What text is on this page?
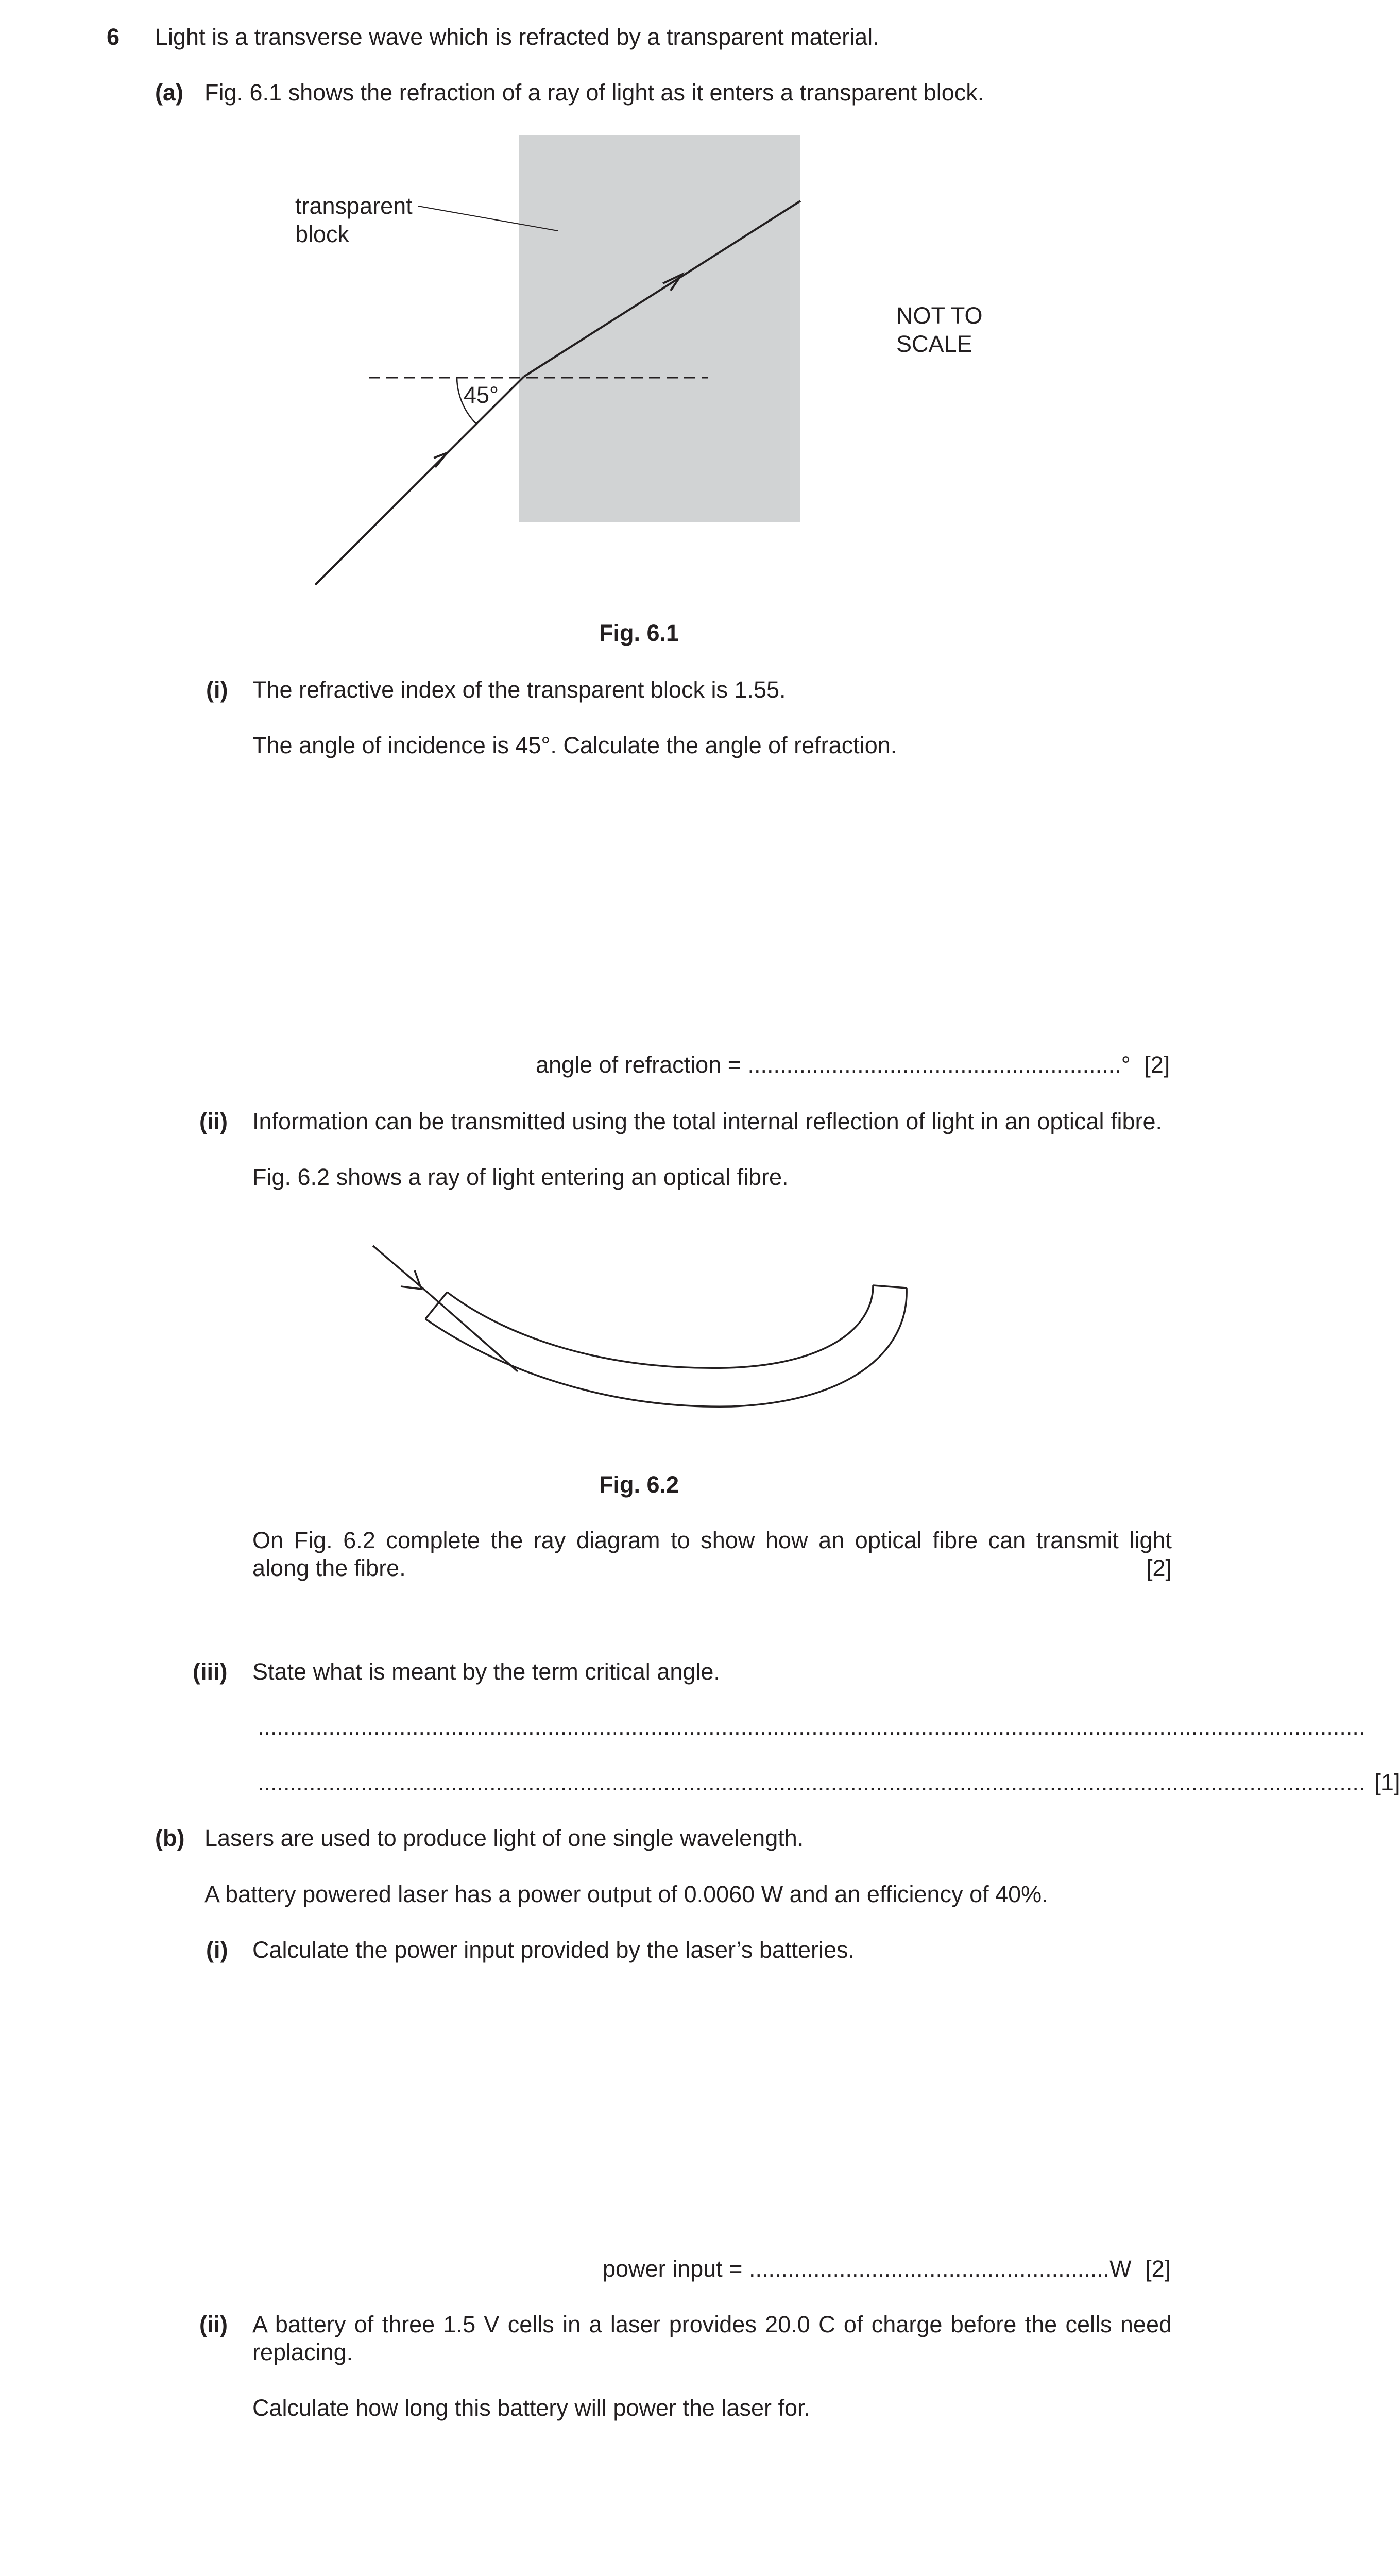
6 Light is a transverse wave which is refracted by a transparent material.
(a) Fig. 6.1 shows the refraction of a ray of light as it enters a transparent block.
transparent
block
45°
NOT TO
SCALE
Fig. 6.1
(i) The refractive index of the transparent block is 1.55.
The angle of incidence is 45°. Calculate the angle of refraction.
angle of refraction = ..........................................................° [2]
(ii) Information can be transmitted using the total internal reflection of light in an optical fibre.
Fig. 6.2 shows a ray of light entering an optical fibre.
Fig. 6.2
On Fig. 6.2 complete the ray diagram to show how an optical fibre can transmit light
along the fibre.	[2]
(iii) State what is meant by the term critical angle.
............................................................................................................................................................................
............................................................................................................................................................................ [1]
(b) Lasers are used to produce light of one single wavelength.
A battery powered laser has a power output of 0.0060 W and an efficiency of 40%.
(i) Calculate the power input provided by the laser’s batteries.
power input = ........................................................W [2]
(ii) A battery of three 1.5 V cells in a laser provides 20.0 C of charge before the cells need
replacing.
Calculate how long this battery will power the laser for.
